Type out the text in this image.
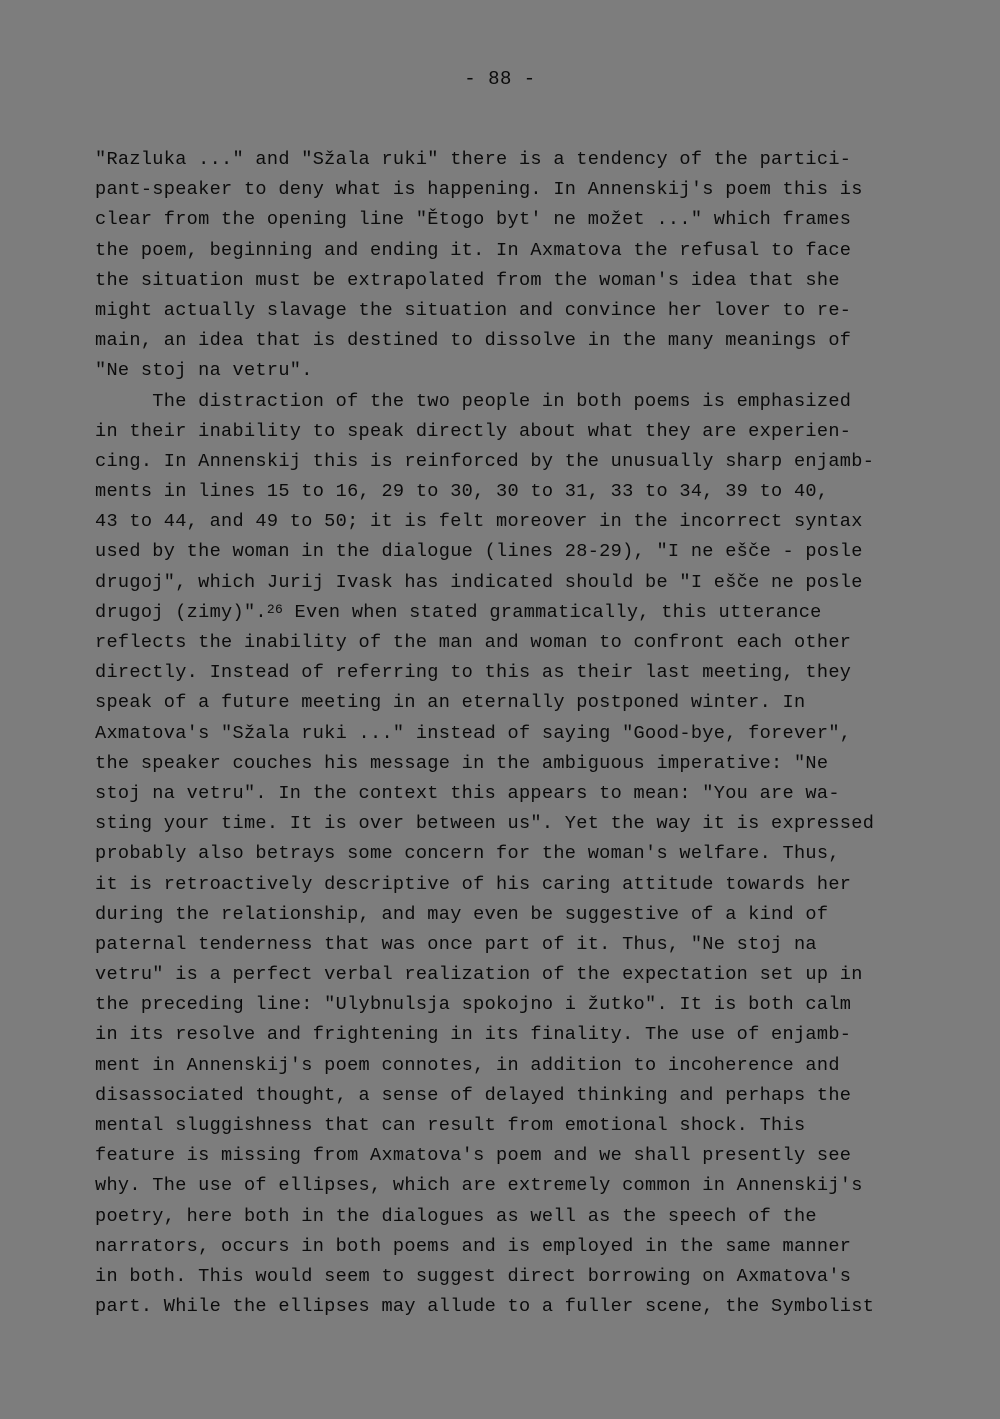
- 88 -
"Razluka ..." and "Sžala ruki" there is a tendency of the partici-
pant-speaker to deny what is happening. In Annenskij's poem this is
clear from the opening line "Ětogo byt' ne možet ..." which frames
the poem, beginning and ending it. In Axmatova the refusal to face
the situation must be extrapolated from the woman's idea that she
might actually slavage the situation and convince her lover to re-
main, an idea that is destined to dissolve in the many meanings of
"Ne stoj na vetru".
The distraction of the two people in both poems is emphasized
in their inability to speak directly about what they are experien-
cing. In Annenskij this is reinforced by the unusually sharp enjamb-
ments in lines 15 to 16, 29 to 30, 30 to 31, 33 to 34, 39 to 40,
43 to 44, and 49 to 50; it is felt moreover in the incorrect syntax
used by the woman in the dialogue (lines 28-29), "I ne ešče - posle
drugoj", which Jurij Ivask has indicated should be "I ešče ne posle
drugoj (zimy)".$^{26}$ Even when stated grammatically, this utterance
reflects the inability of the man and woman to confront each other
directly. Instead of referring to this as their last meeting, they
speak of a future meeting in an eternally postponed winter. In
Axmatova's "Sžala ruki ..." instead of saying "Good-bye, forever",
the speaker couches his message in the ambiguous imperative: "Ne
stoj na vetru". In the context this appears to mean: "You are wa-
sting your time. It is over between us". Yet the way it is expressed
probably also betrays some concern for the woman's welfare. Thus,
it is retroactively descriptive of his caring attitude towards her
during the relationship, and may even be suggestive of a kind of
paternal tenderness that was once part of it. Thus, "Ne stoj na
vetru" is a perfect verbal realization of the expectation set up in
the preceding line: "Ulybnulsja spokojno i žutko". It is both calm
in its resolve and frightening in its finality. The use of enjamb-
ment in Annenskij's poem connotes, in addition to incoherence and
disassociated thought, a sense of delayed thinking and perhaps the
mental sluggishness that can result from emotional shock. This
feature is missing from Axmatova's poem and we shall presently see
why. The use of ellipses, which are extremely common in Annenskij's
poetry, here both in the dialogues as well as the speech of the
narrators, occurs in both poems and is employed in the same manner
in both. This would seem to suggest direct borrowing on Axmatova's
part. While the ellipses may allude to a fuller scene, the Symbolist
